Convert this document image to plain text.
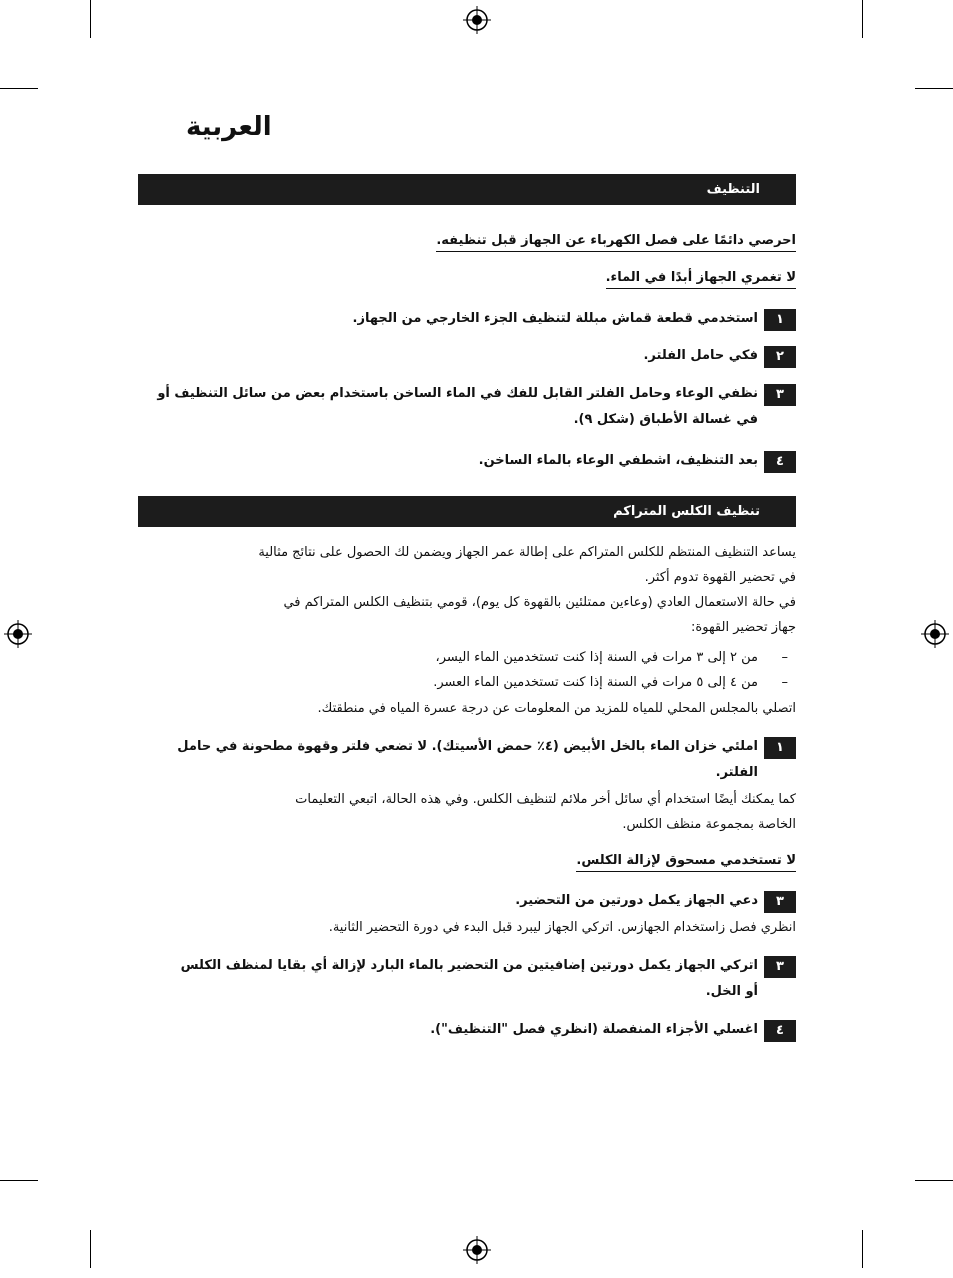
العربية
التنظيف
احرصي دائمًا على فصل الكهرباء عن الجهاز قبل تنظيفه.
لا تغمري الجهاز أبدًا في الماء.
١
استخدمي قطعة قماش مبللة لتنظيف الجزء الخارجي من الجهاز.
٢
فكي حامل الفلتر.
٣
نظفي الوعاء وحامل الفلتر القابل للفك في الماء الساخن باستخدام بعض من سائل التنظيف أو
في غسالة الأطباق (شكل ٩).
٤
بعد التنظيف، اشطفي الوعاء بالماء الساخن.
تنظيف الكلس المتراكم
يساعد التنظيف المنتظم للكلس المتراكم على إطالة عمر الجهاز ويضمن لك الحصول على نتائج مثالية
في تحضير القهوة تدوم أكثر.
في حالة الاستعمال العادي (وعاءين ممتلئين بالقهوة كل يوم)، قومي بتنظيف الكلس المتراكم في
جهاز تحضير القهوة:
–
من ٢ إلى ٣ مرات في السنة إذا كنت تستخدمين الماء اليسر،
–
من ٤ إلى ٥ مرات في السنة إذا كنت تستخدمين الماء العسر.
اتصلي بالمجلس المحلي للمياه للمزيد من المعلومات عن درجة عسرة المياه في منطقتك.
١
املئي خزان الماء بالخل الأبيض (٤٪ حمض الأسيتك). لا تضعي فلتر وقهوة مطحونة في حامل
الفلتر.
كما يمكنك أيضًا استخدام أي سائل أخر ملائم لتنظيف الكلس. وفي هذه الحالة، اتبعي التعليمات
الخاصة بمجموعة منظف الكلس.
لا تستخدمي مسحوق لإزالة الكلس.
٣
دعي الجهاز يكمل دورتين من التحضير.
انظري فصل زاستخدام الجهازس. اتركي الجهاز ليبرد قبل البدء في دورة التحضير الثانية.
٣
اتركي الجهاز يكمل دورتين إضافيتين من التحضير بالماء البارد لإزالة أي بقايا لمنظف الكلس
أو الخل.
٤
اغسلي الأجزاء المنفصلة (انظري فصل "التنظيف").
